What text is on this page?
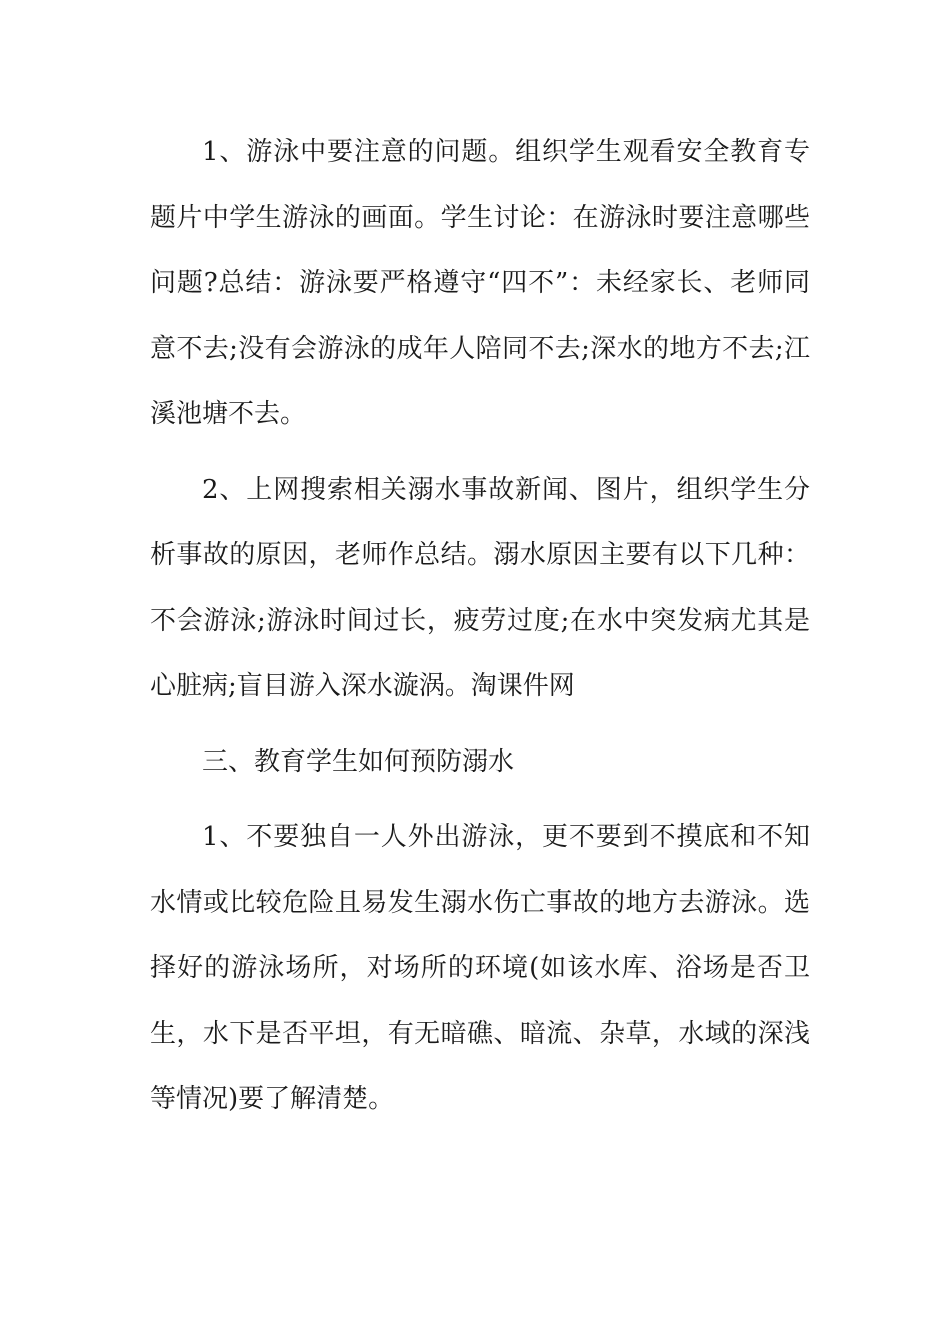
1、游泳中要注意的问题。组织学生观看安全教育专题片中学生游泳的画面。学生讨论：在游泳时要注意哪些问题?总结：游泳要严格遵守“四不”：未经家长、老师同意不去;没有会游泳的成年人陪同不去;深水的地方不去;江溪池塘不去。

2、上网搜索相关溺水事故新闻、图片，组织学生分析事故的原因，老师作总结。溺水原因主要有以下几种：不会游泳;游泳时间过长，疲劳过度;在水中突发病尤其是心脏病;盲目游入深水漩涡。淘课件网

三、教育学生如何预防溺水

1、不要独自一人外出游泳，更不要到不摸底和不知水情或比较危险且易发生溺水伤亡事故的地方去游泳。选择好的游泳场所，对场所的环境(如该水库、浴场是否卫生，水下是否平坦，有无暗礁、暗流、杂草，水域的深浅等情况)要了解清楚。
